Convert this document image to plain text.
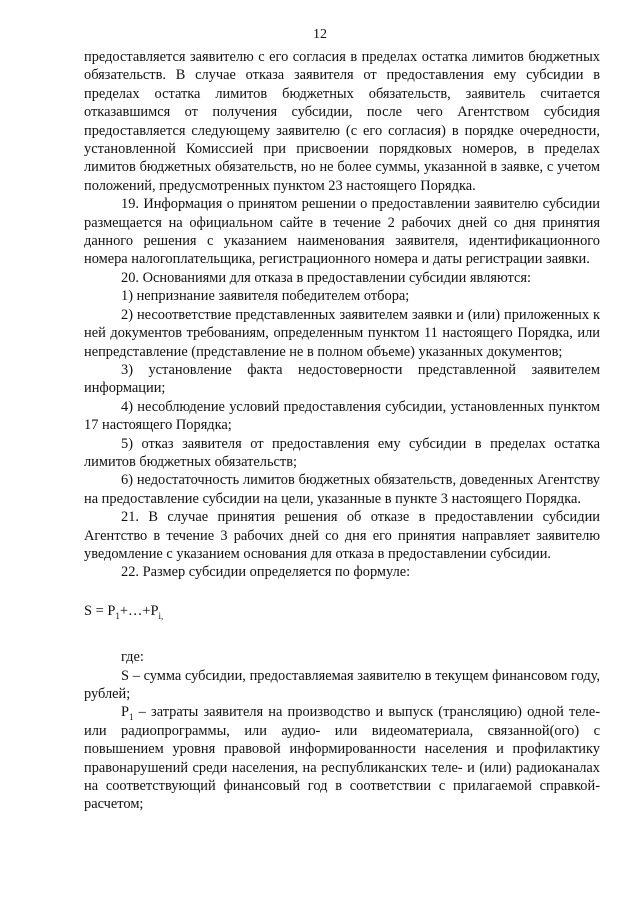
12

предоставляется заявителю с его согласия в пределах остатка лимитов бюджетных обязательств. В случае отказа заявителя от предоставления ему субсидии в пределах остатка лимитов бюджетных обязательств, заявитель считается отказавшимся от получения субсидии, после чего Агентством субсидия предоставляется следующему заявителю (с его согласия) в порядке очередности, установленной Комиссией при присвоении порядковых номеров, в пределах лимитов бюджетных обязательств, но не более суммы, указанной в заявке, с учетом положений, предусмотренных пунктом 23 настоящего Порядка.

19. Информация о принятом решении о предоставлении заявителю субсидии размещается на официальном сайте в течение 2 рабочих дней со дня принятия данного решения с указанием наименования заявителя, идентификационного номера налогоплательщика, регистрационного номера и даты регистрации заявки.

20. Основаниями для отказа в предоставлении субсидии являются:

1) непризнание заявителя победителем отбора;

2) несоответствие представленных заявителем заявки и (или) приложенных к ней документов требованиям, определенным пунктом 11 настоящего Порядка, или непредставление (представление не в полном объеме) указанных документов;

3) установление факта недостоверности представленной заявителем информации;

4) несоблюдение условий предоставления субсидии, установленных пунктом 17 настоящего Порядка;

5) отказ заявителя от предоставления ему субсидии в пределах остатка лимитов бюджетных обязательств;

6) недостаточность лимитов бюджетных обязательств, доведенных Агентству на предоставление субсидии на цели, указанные в пункте 3 настоящего Порядка.

21. В случае принятия решения об отказе в предоставлении субсидии Агентство в течение 3 рабочих дней со дня его принятия направляет заявителю уведомление с указанием основания для отказа в предоставлении субсидии.

22. Размер субсидии определяется по формуле:

$S = P_1+\dots+P_{i,}$

где:

S – сумма субсидии, предоставляемая заявителю в текущем финансовом году, рублей;

$P_1$ – затраты заявителя на производство и выпуск (трансляцию) одной теле- или радиопрограммы, или аудио- или видеоматериала, связанной(ого) с повышением уровня правовой информированности населения и профилактику правонарушений среди населения, на республиканских теле- и (или) радиоканалах на соответствующий финансовый год в соответствии с прилагаемой справкой-расчетом;
